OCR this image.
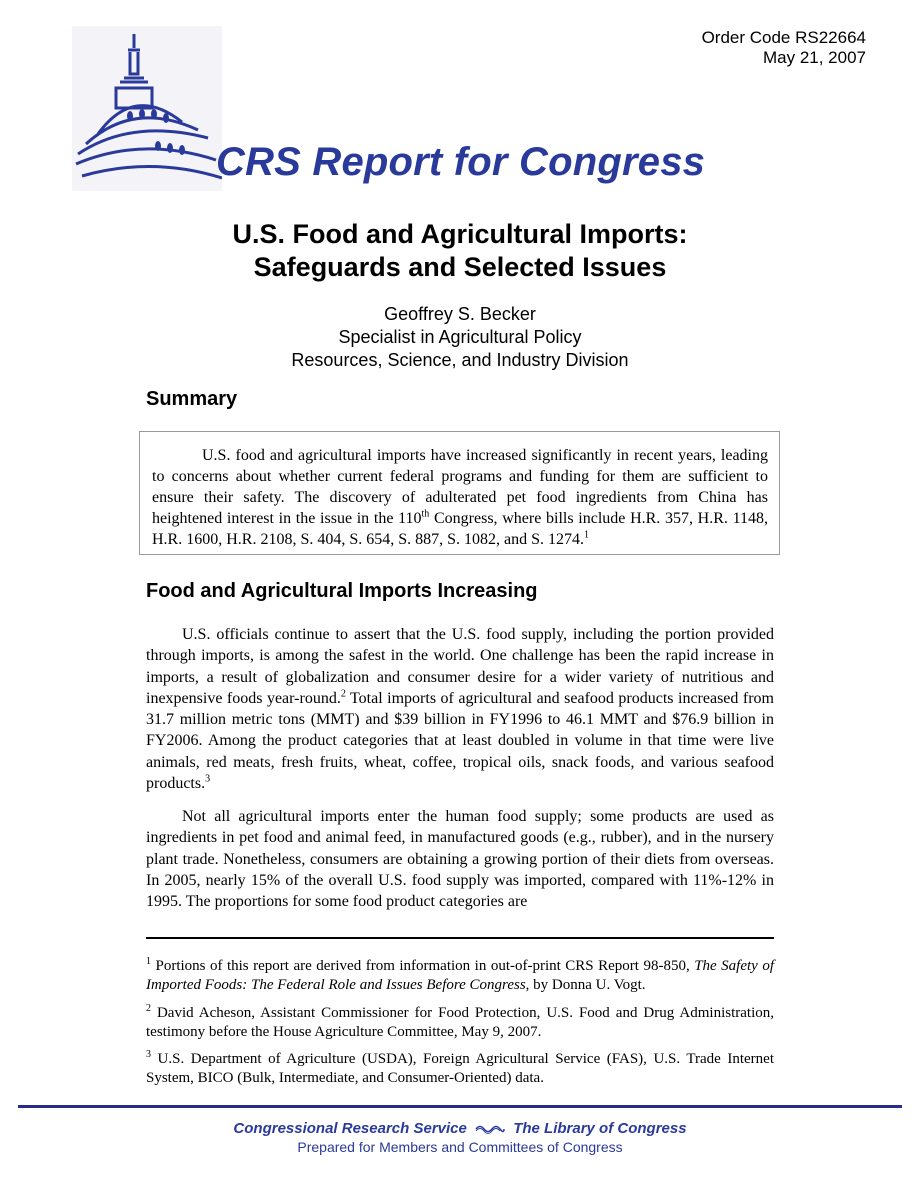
Order Code RS22664
May 21, 2007
CRS Report for Congress
U.S. Food and Agricultural Imports:
Safeguards and Selected Issues
Geoffrey S. Becker
Specialist in Agricultural Policy
Resources, Science, and Industry Division
Summary
U.S. food and agricultural imports have increased significantly in recent years, leading to concerns about whether current federal programs and funding for them are sufficient to ensure their safety. The discovery of adulterated pet food ingredients from China has heightened interest in the issue in the 110th Congress, where bills include H.R. 357, H.R. 1148, H.R. 1600, H.R. 2108, S. 404, S. 654, S. 887, S. 1082, and S. 1274.$^1$
Food and Agricultural Imports Increasing
U.S. officials continue to assert that the U.S. food supply, including the portion provided through imports, is among the safest in the world. One challenge has been the rapid increase in imports, a result of globalization and consumer desire for a wider variety of nutritious and inexpensive foods year-round.$^2$ Total imports of agricultural and seafood products increased from 31.7 million metric tons (MMT) and $39 billion in FY1996 to 46.1 MMT and $76.9 billion in FY2006. Among the product categories that at least doubled in volume in that time were live animals, red meats, fresh fruits, wheat, coffee, tropical oils, snack foods, and various seafood products.$^3$
Not all agricultural imports enter the human food supply; some products are used as ingredients in pet food and animal feed, in manufactured goods (e.g., rubber), and in the nursery plant trade. Nonetheless, consumers are obtaining a growing portion of their diets from overseas. In 2005, nearly 15% of the overall U.S. food supply was imported, compared with 11%-12% in 1995. The proportions for some food product categories are
$^1$ Portions of this report are derived from information in out-of-print CRS Report 98-850, The Safety of Imported Foods: The Federal Role and Issues Before Congress, by Donna U. Vogt.
$^2$ David Acheson, Assistant Commissioner for Food Protection, U.S. Food and Drug Administration, testimony before the House Agriculture Committee, May 9, 2007.
$^3$ U.S. Department of Agriculture (USDA), Foreign Agricultural Service (FAS), U.S. Trade Internet System, BICO (Bulk, Intermediate, and Consumer-Oriented) data.
Congressional Research Service	The Library of Congress
Prepared for Members and Committees of Congress
